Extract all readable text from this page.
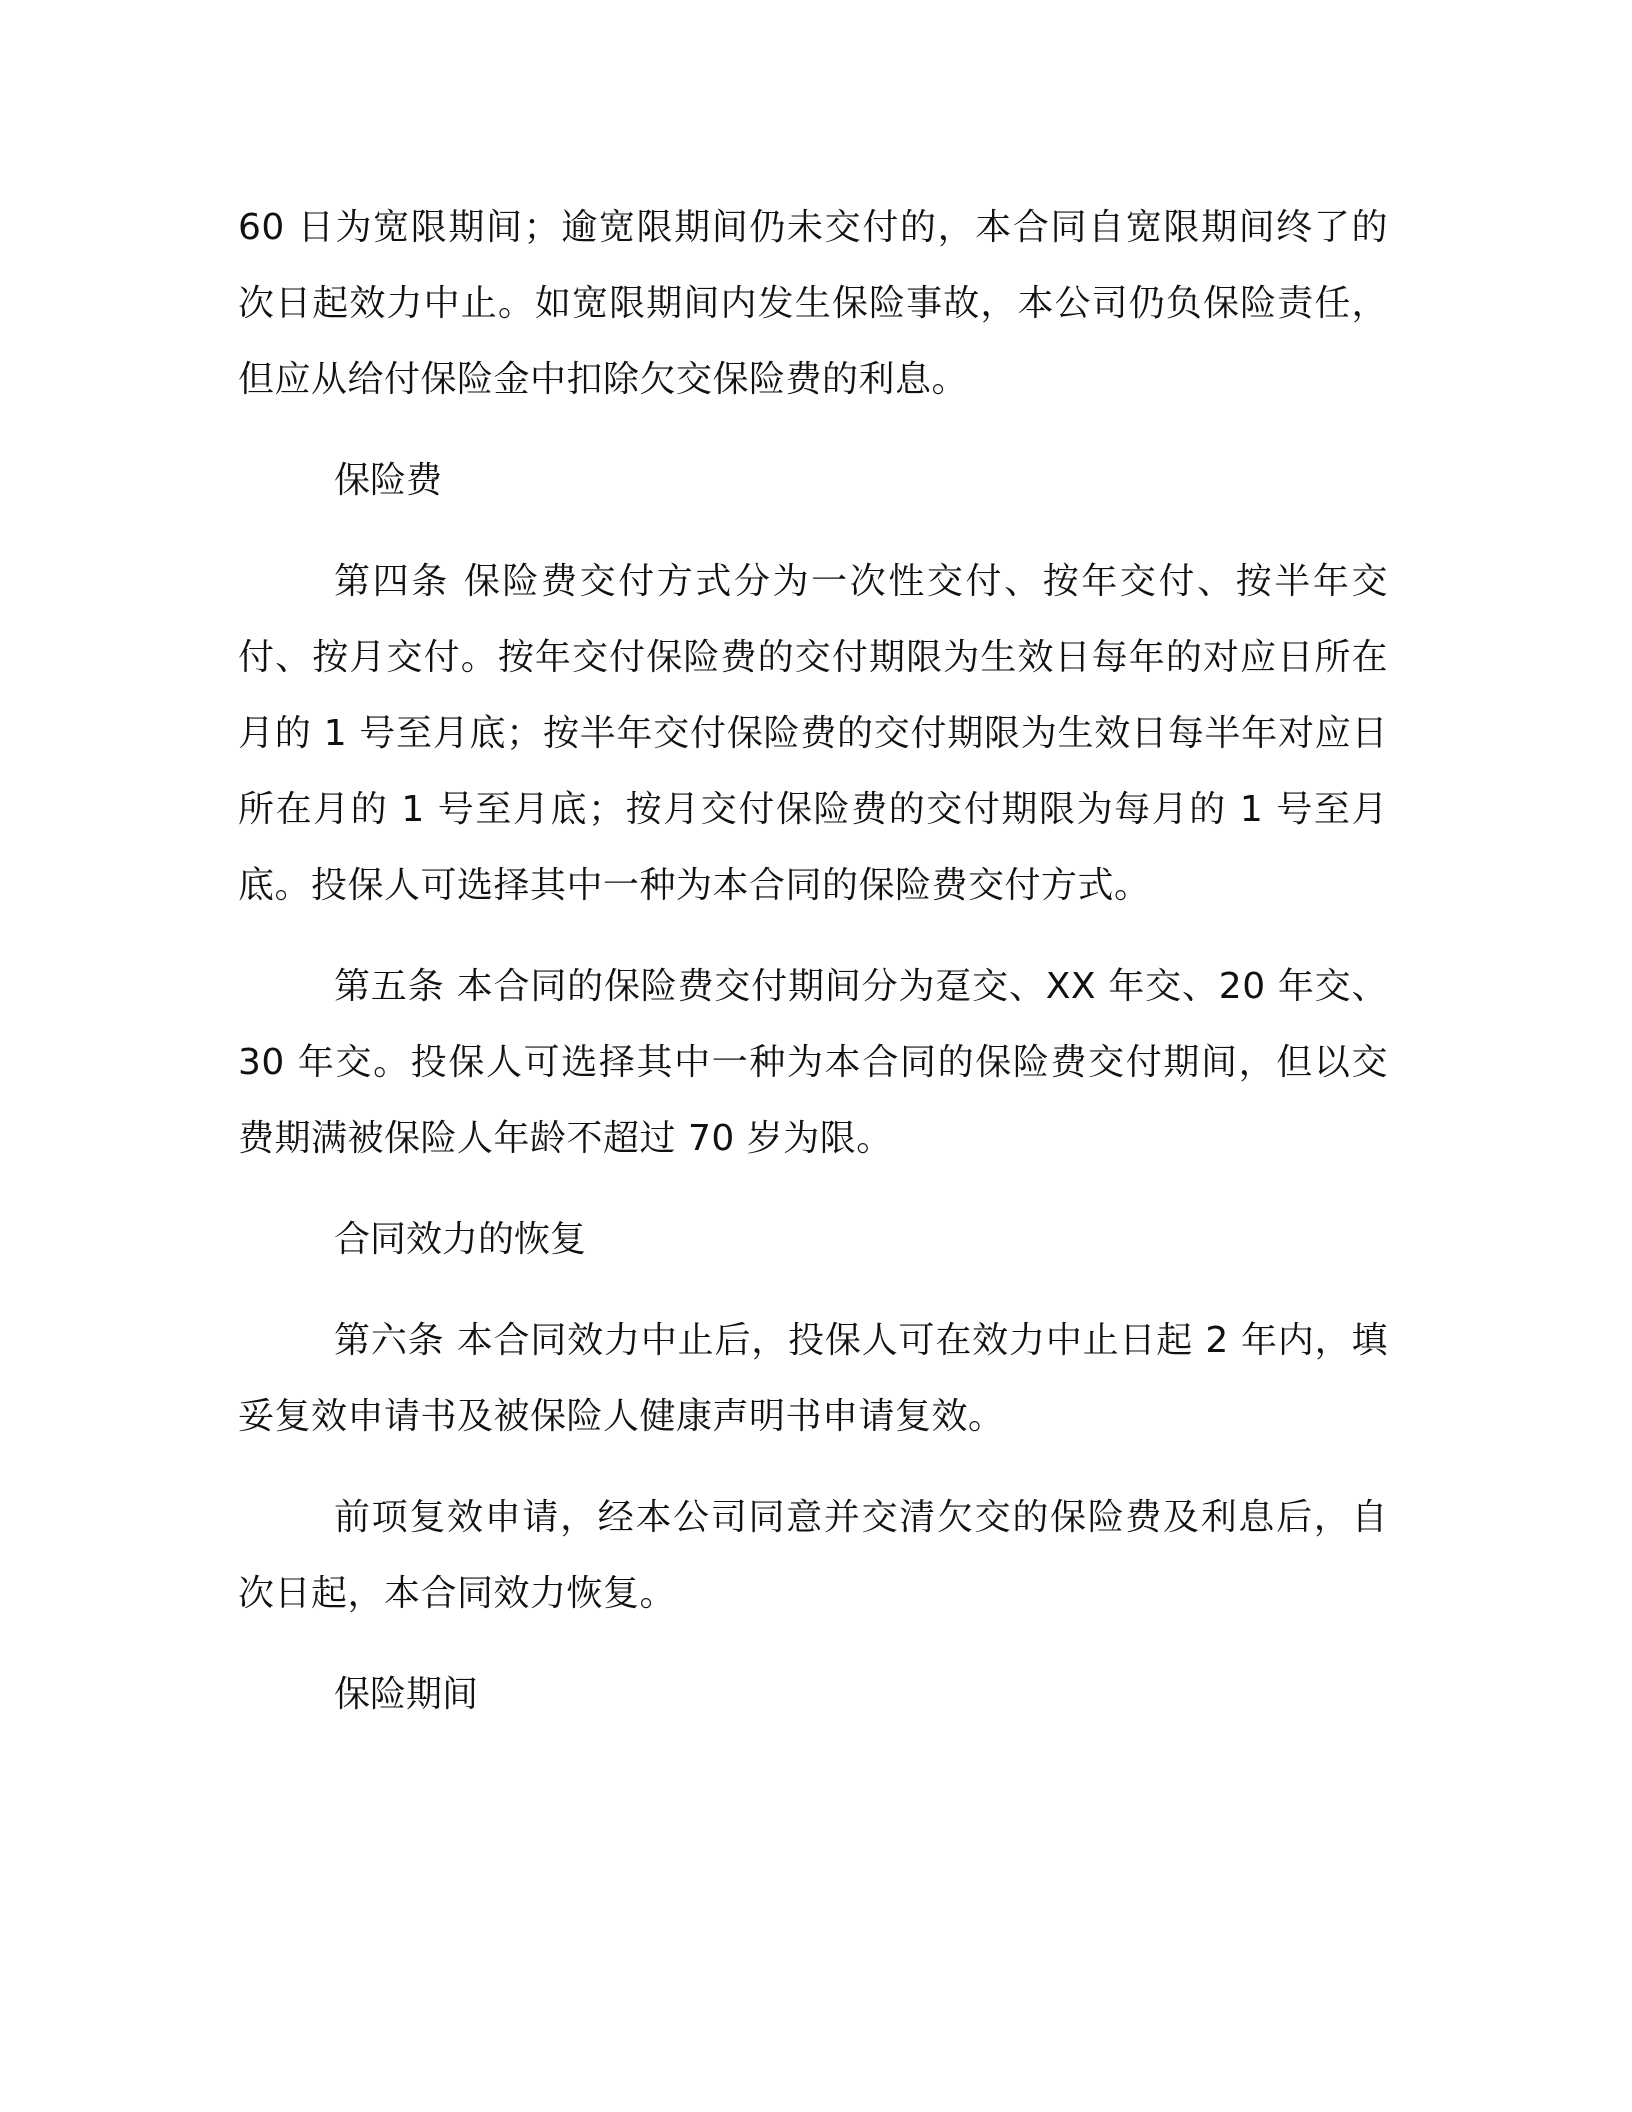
60 日为宽限期间；逾宽限期间仍未交付的，本合同自宽限期间终了的次日起效力中止。如宽限期间内发生保险事故，本公司仍负保险责任，但应从给付保险金中扣除欠交保险费的利息。

保险费

第四条 保险费交付方式分为一次性交付、按年交付、按半年交付、按月交付。按年交付保险费的交付期限为生效日每年的对应日所在月的 1 号至月底；按半年交付保险费的交付期限为生效日每半年对应日所在月的 1 号至月底；按月交付保险费的交付期限为每月的 1 号至月底。投保人可选择其中一种为本合同的保险费交付方式。

第五条 本合同的保险费交付期间分为趸交、XX 年交、20 年交、30 年交。投保人可选择其中一种为本合同的保险费交付期间，但以交费期满被保险人年龄不超过 70 岁为限。

合同效力的恢复

第六条 本合同效力中止后，投保人可在效力中止日起 2 年内，填妥复效申请书及被保险人健康声明书申请复效。

前项复效申请，经本公司同意并交清欠交的保险费及利息后，自次日起，本合同效力恢复。

保险期间
